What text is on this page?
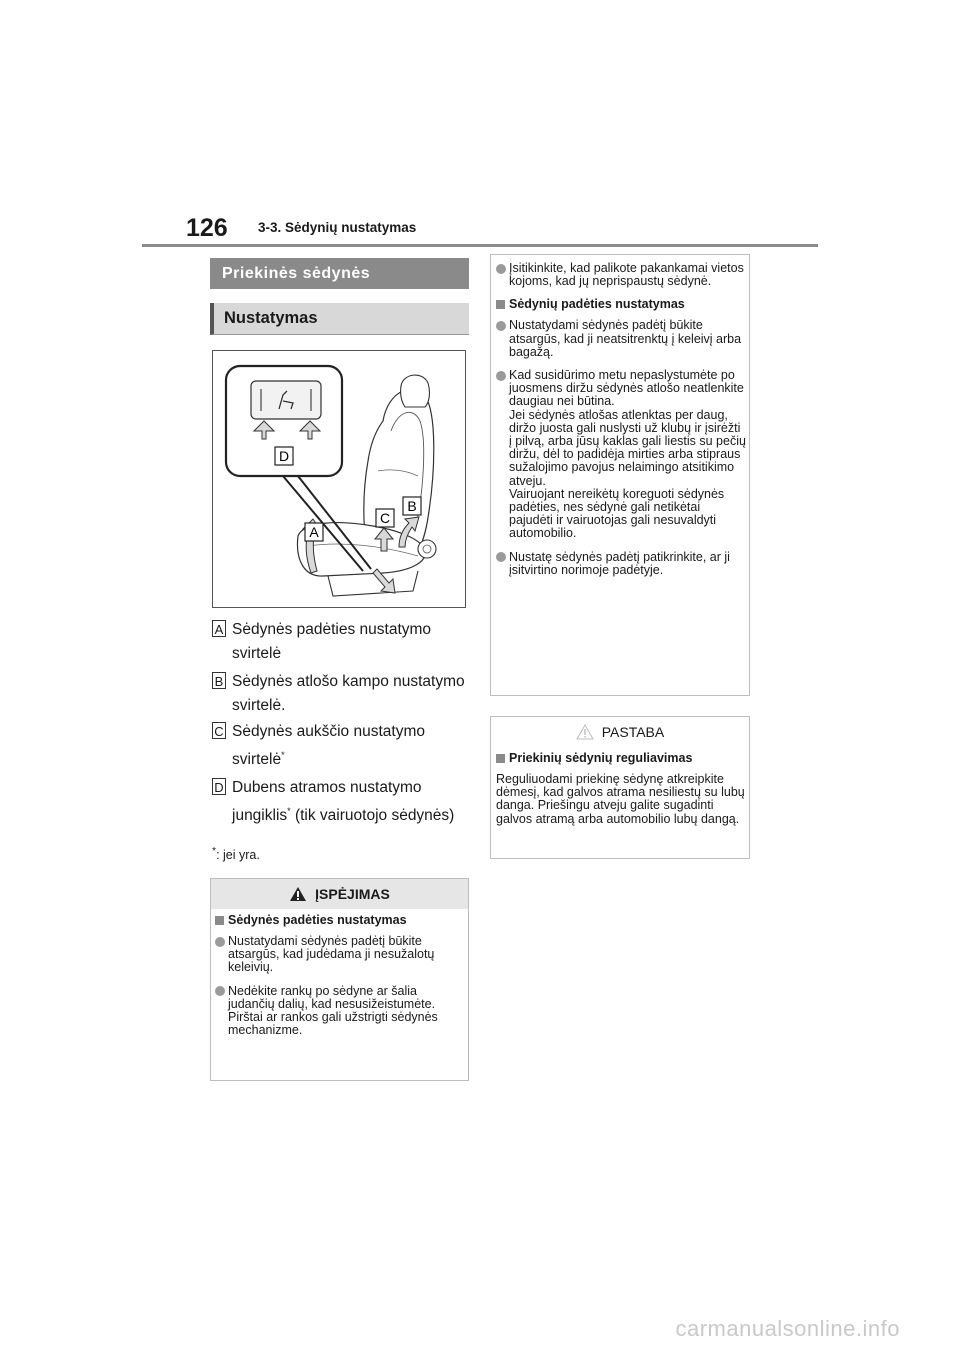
126 3-3. Sėdynių nustatymas
Priekinės sėdynės
Nustatymas
D
A
C
B
A Sėdynės padėties nustatymo svirtelė
B Sėdynės atlošo kampo nustatymo svirtelė.
C Sėdynės aukščio nustatymo svirtelė*
D Dubens atramos nustatymo jungiklis* (tik vairuotojo sėdynės)
*: jei yra.
ĮSPĖJIMAS

Sėdynės padėties nustatymas

Nustatydami sėdynės padėtį būkite atsargūs, kad judėdama ji nesužalotų keleivių.

Nedėkite rankų po sėdyne ar šalia judančių dalių, kad nesusižeistumėte.
Pirštai ar rankos gali užstrigti sėdynės mechanizme.

Įsitikinkite, kad palikote pakankamai vietos kojoms, kad jų neprispaustų sėdynė.

Sėdynių padėties nustatymas

Nustatydami sėdynės padėtį būkite atsargūs, kad ji neatsitrenktų į keleivį arba bagažą.

Kad susidūrimo metu nepaslystumėte po juosmens diržu sėdynės atlošo neatlenkite daugiau nei būtina.
Jei sėdynės atlošas atlenktas per daug, diržo juosta gali nuslysti už klubų ir įsirėžti į pilvą, arba jūsų kaklas gali liestis su pečių diržu, dėl to padidėja mirties arba stipraus sužalojimo pavojus nelaimingo atsitikimo atveju.
Vairuojant nereikėtų koreguoti sėdynės padėties, nes sėdynė gali netikėtai pajudėti ir vairuotojas gali nesuvaldyti automobilio.

Nustatę sėdynės padėtį patikrinkite, ar ji įsitvirtino norimoje padėtyje.

PASTABA

Priekinių sėdynių reguliavimas

Reguliuodami priekinę sėdynę atkreipkite dėmesį, kad galvos atrama nesiliestų su lubų danga. Priešingu atveju galite sugadinti galvos atramą arba automobilio lubų dangą.

carmanualsonline.info
